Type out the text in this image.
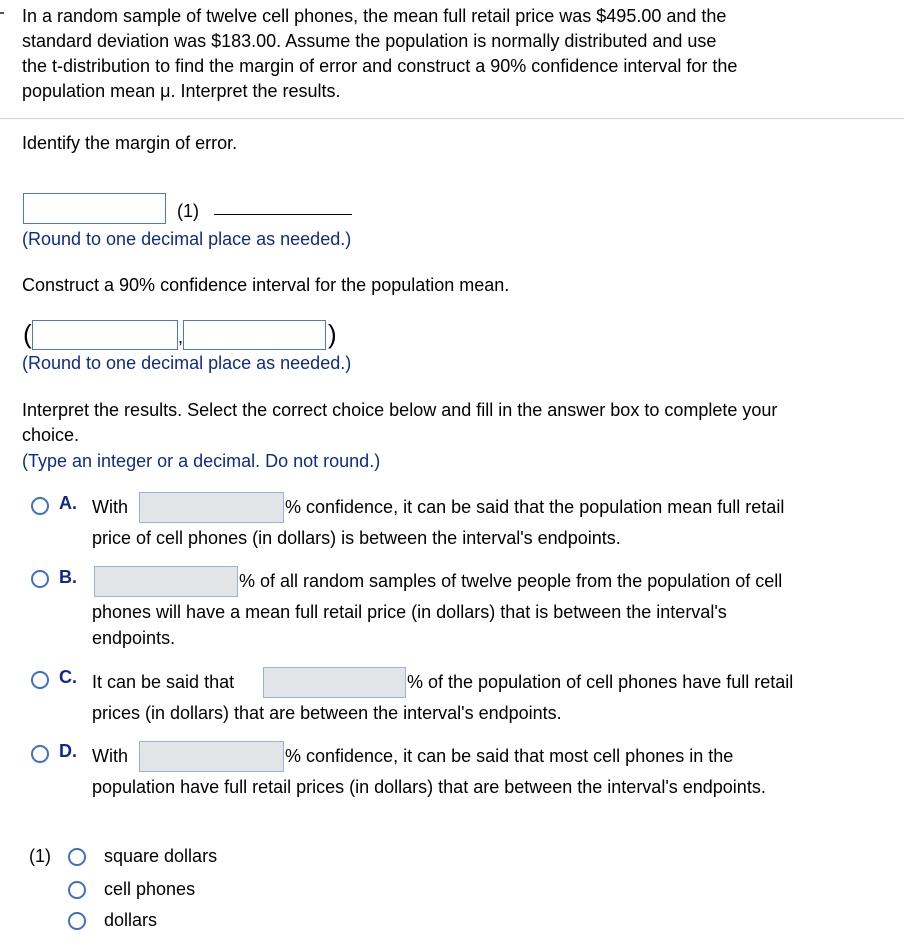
In a random sample of twelve cell phones, the mean full retail price was $495.00 and the
standard deviation was $183.00. Assume the population is normally distributed and use
the t-distribution to find the margin of error and construct a 90% confidence interval for the
population mean μ. Interpret the results.
Identify the margin of error.
(1)
(Round to one decimal place as needed.)
Construct a 90% confidence interval for the population mean.
(	,	)
(Round to one decimal place as needed.)
Interpret the results. Select the correct choice below and fill in the answer box to complete your
choice.
(Type an integer or a decimal. Do not round.)
A. With	% confidence, it can be said that the population mean full retail
price of cell phones (in dollars) is between the interval's endpoints.
B.	% of all random samples of twelve people from the population of cell
phones will have a mean full retail price (in dollars) that is between the interval's
endpoints.
C. It can be said that	% of the population of cell phones have full retail
prices (in dollars) that are between the interval's endpoints.
D. With	% confidence, it can be said that most cell phones in the
population have full retail prices (in dollars) that are between the interval's endpoints.
(1)	square dollars
cell phones
dollars
